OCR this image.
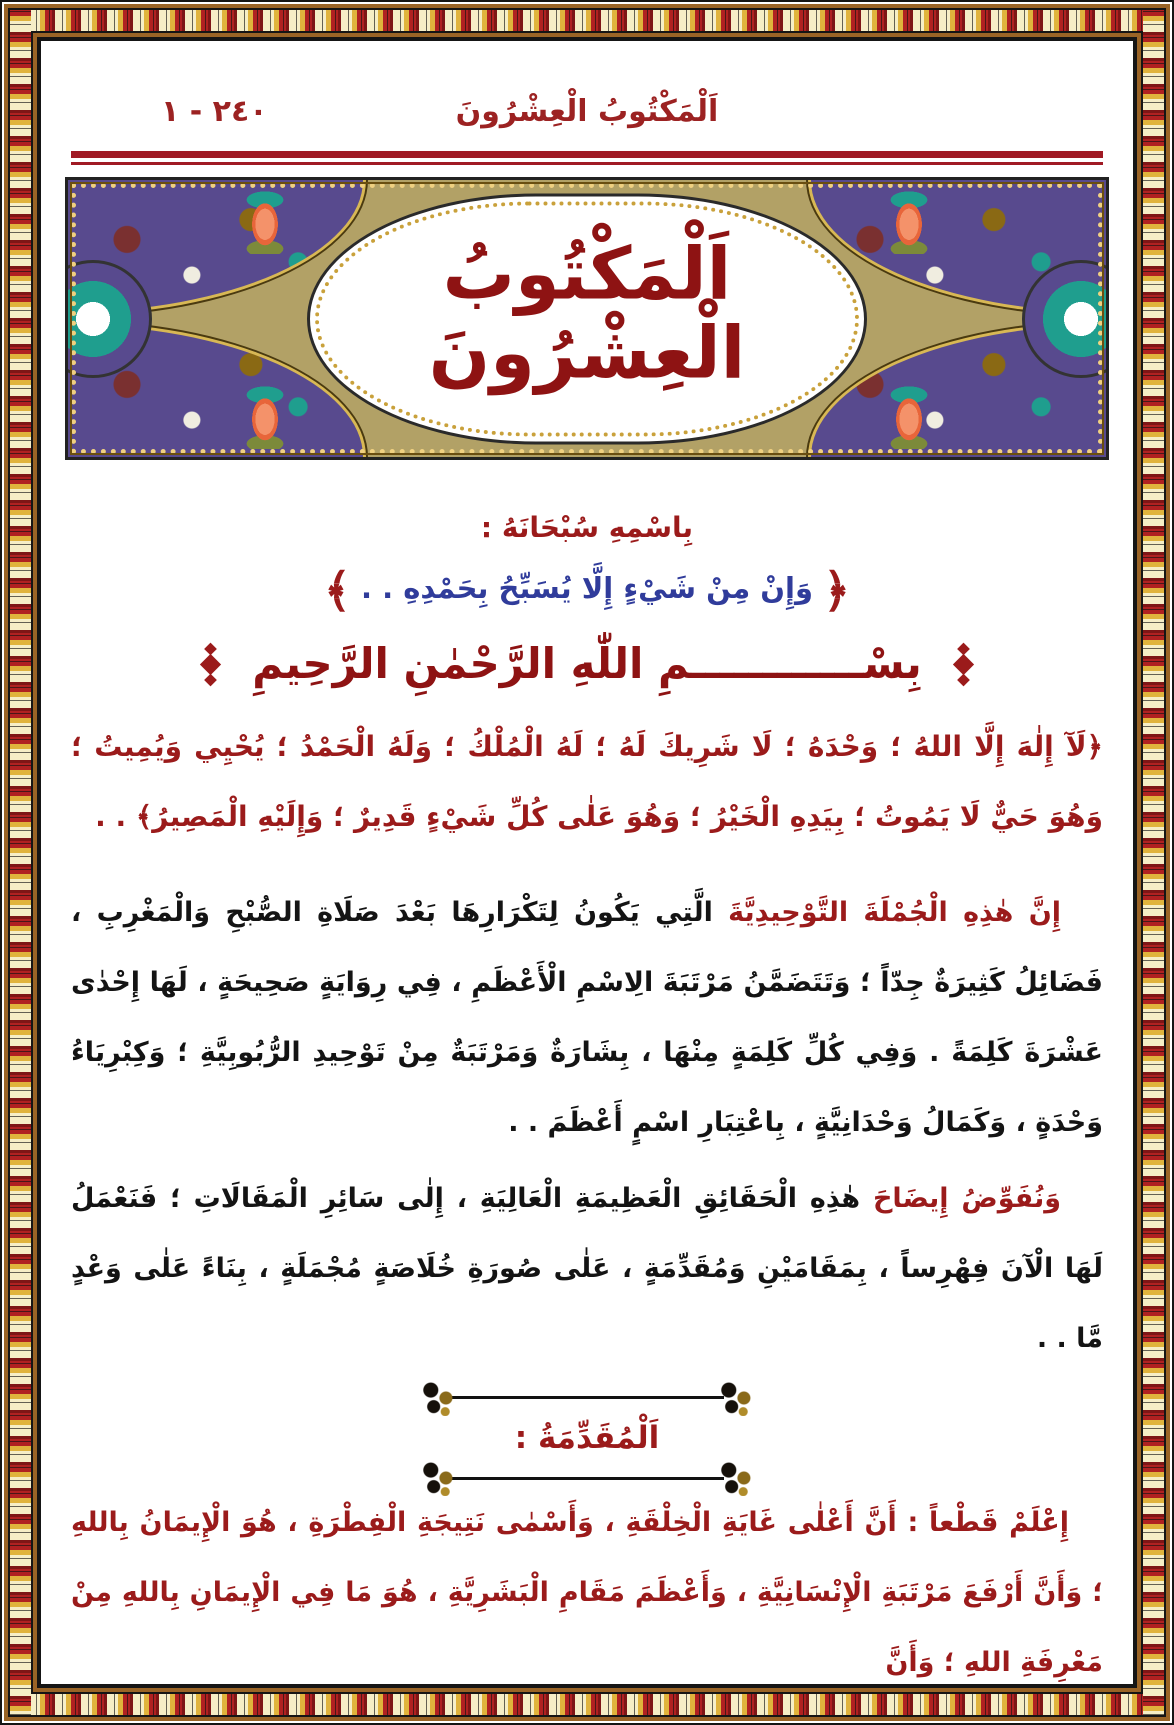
اَلْمَكْتُوبُ الْعِشْرُونَ
٢٤٠ - ١
اَلْمَكْتُوبُ الْعِشْرُونَ
بِاسْمِهِ سُبْحَانَهُ :
﴿ وَإِنْ مِنْ شَيْءٍ إِلَّا يُسَبِّحُ بِحَمْدِهِ . . ﴾
بِسْــــــــــــمِ اللّٰهِ الرَّحْمٰنِ الرَّحِيمِ
﴿لَآ إِلٰهَ إِلَّا اللهُ ؛ وَحْدَهُ ؛ لَا شَرِيكَ لَهُ ؛ لَهُ الْمُلْكُ ؛ وَلَهُ الْحَمْدُ ؛ يُحْيِي وَيُمِيتُ ؛ وَهُوَ حَيٌّ لَا يَمُوتُ ؛ بِيَدِهِ الْخَيْرُ ؛ وَهُوَ عَلٰى كُلِّ شَيْءٍ قَدِيرٌ ؛ وَإِلَيْهِ الْمَصِيرُ﴾ . .
إِنَّ هٰذِهِ الْجُمْلَةَ التَّوْحِيدِيَّةَ الَّتِي يَكُونُ لِتَكْرَارِهَا بَعْدَ صَلَاةِ الصُّبْحِ وَالْمَغْرِبِ ، فَضَائِلُ كَثِيرَةٌ جِدّاً ؛ وَتَتَضَمَّنُ مَرْتَبَةَ الِاسْمِ الْأَعْظَمِ ، فِي رِوَايَةٍ صَحِيحَةٍ ، لَهَا إِحْدٰى عَشْرَةَ كَلِمَةً . وَفِي كُلِّ كَلِمَةٍ مِنْهَا ، بِشَارَةٌ وَمَرْتَبَةٌ مِنْ تَوْحِيدِ الرُّبُوبِيَّةِ ؛ وَكِبْرِيَاءُ وَحْدَةٍ ، وَكَمَالُ وَحْدَانِيَّةٍ ، بِاعْتِبَارِ اسْمٍ أَعْظَمَ . .
وَنُفَوِّضُ إِيضَاحَ هٰذِهِ الْحَقَائِقِ الْعَظِيمَةِ الْعَالِيَةِ ، إِلٰى سَائِرِ الْمَقَالَاتِ ؛ فَنَعْمَلُ لَهَا الْآنَ فِهْرِساً ، بِمَقَامَيْنِ وَمُقَدِّمَةٍ ، عَلٰى صُورَةِ خُلَاصَةٍ مُجْمَلَةٍ ، بِنَاءً عَلٰى وَعْدٍ مَّا . .
اَلْمُقَدِّمَةُ :
إِعْلَمْ قَطْعاً : أَنَّ أَعْلٰى غَايَةِ الْخِلْقَةِ ، وَأَسْمٰى نَتِيجَةِ الْفِطْرَةِ ، هُوَ الْإِيمَانُ بِاللهِ ؛ وَأَنَّ أَرْفَعَ مَرْتَبَةِ الْإِنْسَانِيَّةِ ، وَأَعْظَمَ مَقَامِ الْبَشَرِيَّةِ ، هُوَ مَا فِي الْإِيمَانِ بِاللهِ مِنْ مَعْرِفَةِ اللهِ ؛ وَأَنَّ
